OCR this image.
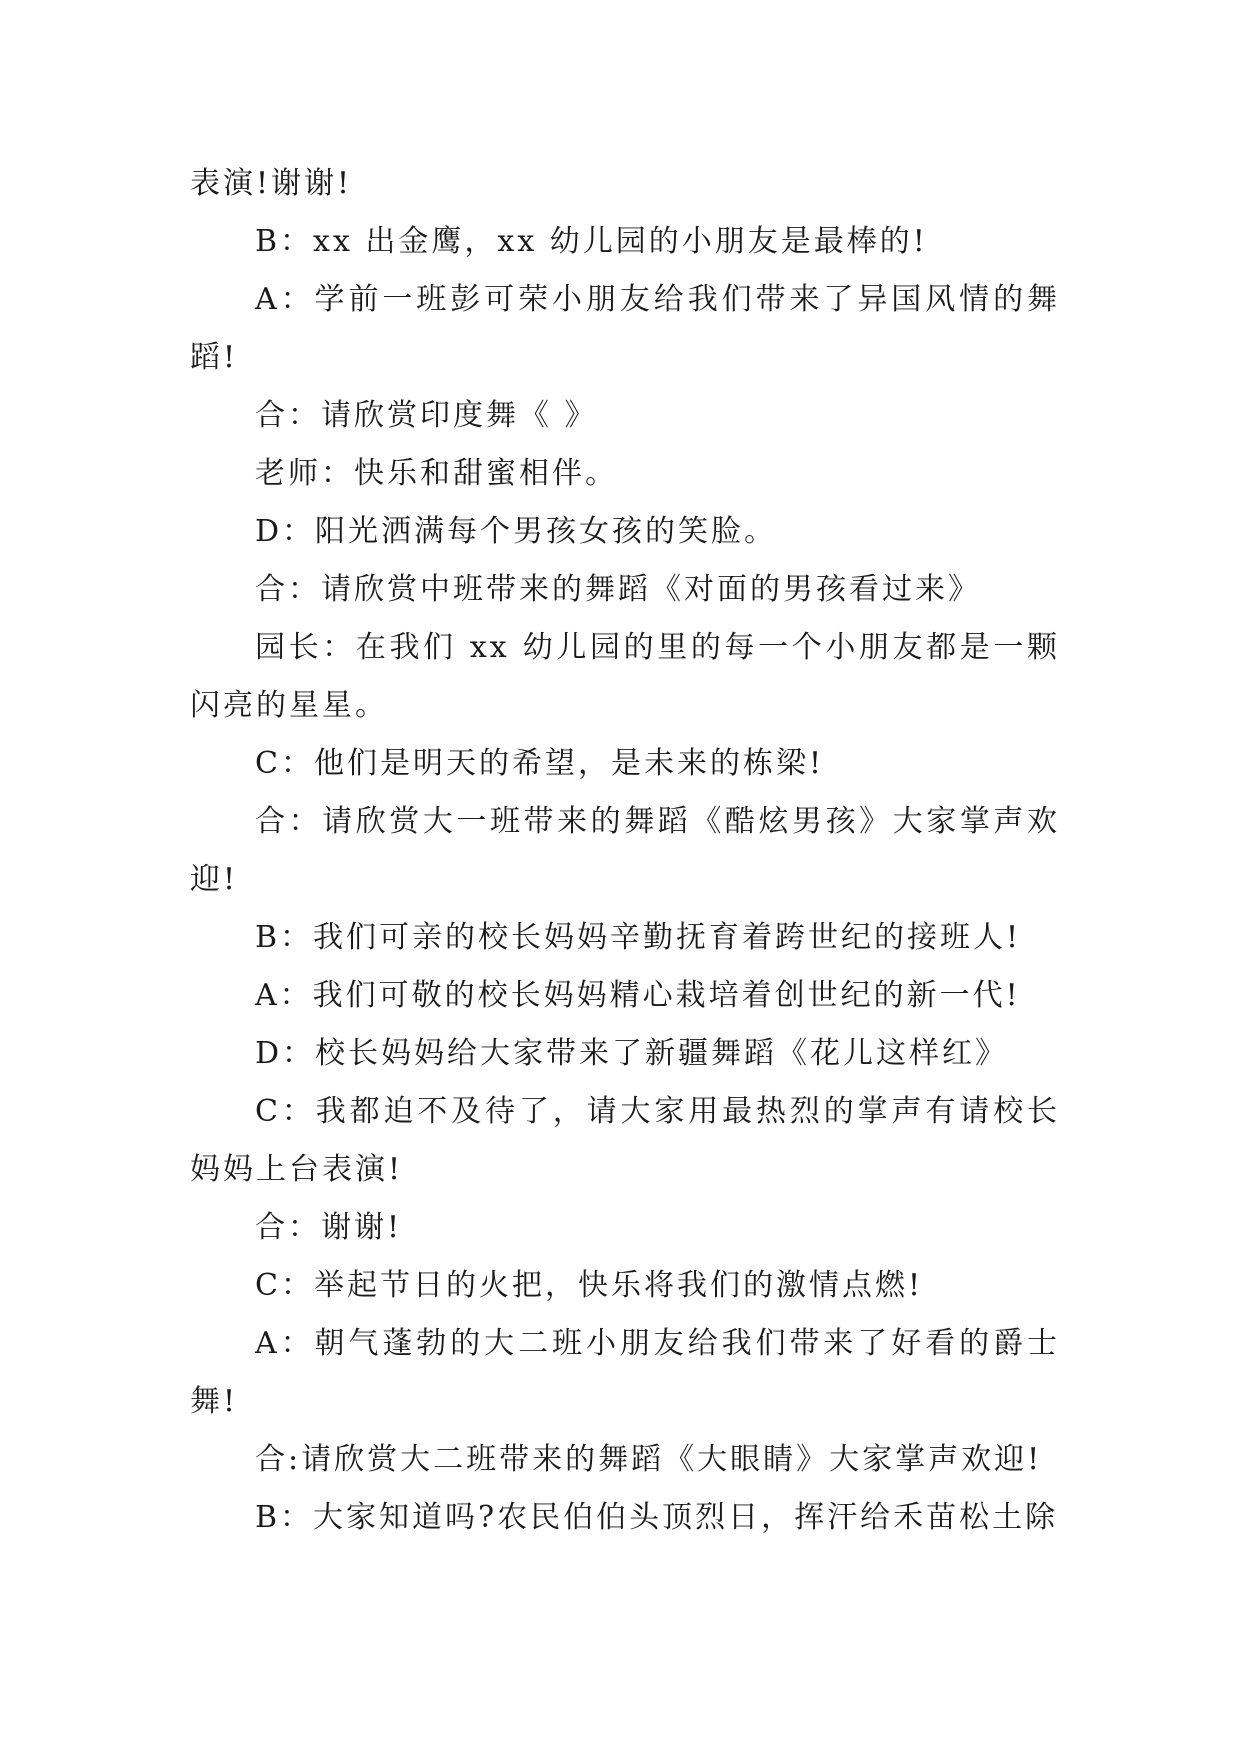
表演!谢谢!

B：xx 出金鹰，xx 幼儿园的小朋友是最棒的!

A：学前一班彭可荣小朋友给我们带来了异国风情的舞蹈!

合：请欣赏印度舞《 》

老师：快乐和甜蜜相伴。

D：阳光洒满每个男孩女孩的笑脸。

合：请欣赏中班带来的舞蹈《对面的男孩看过来》

园长：在我们 xx 幼儿园的里的每一个小朋友都是一颗闪亮的星星。

C：他们是明天的希望，是未来的栋梁!

合：请欣赏大一班带来的舞蹈《酷炫男孩》大家掌声欢迎!

B：我们可亲的校长妈妈辛勤抚育着跨世纪的接班人!

A：我们可敬的校长妈妈精心栽培着创世纪的新一代!

D：校长妈妈给大家带来了新疆舞蹈《花儿这样红》

C：我都迫不及待了，请大家用最热烈的掌声有请校长妈妈上台表演!

合：谢谢!

C：举起节日的火把，快乐将我们的激情点燃!

A：朝气蓬勃的大二班小朋友给我们带来了好看的爵士舞!

合:请欣赏大二班带来的舞蹈《大眼睛》大家掌声欢迎!

B：大家知道吗?农民伯伯头顶烈日，挥汗给禾苗松土除
